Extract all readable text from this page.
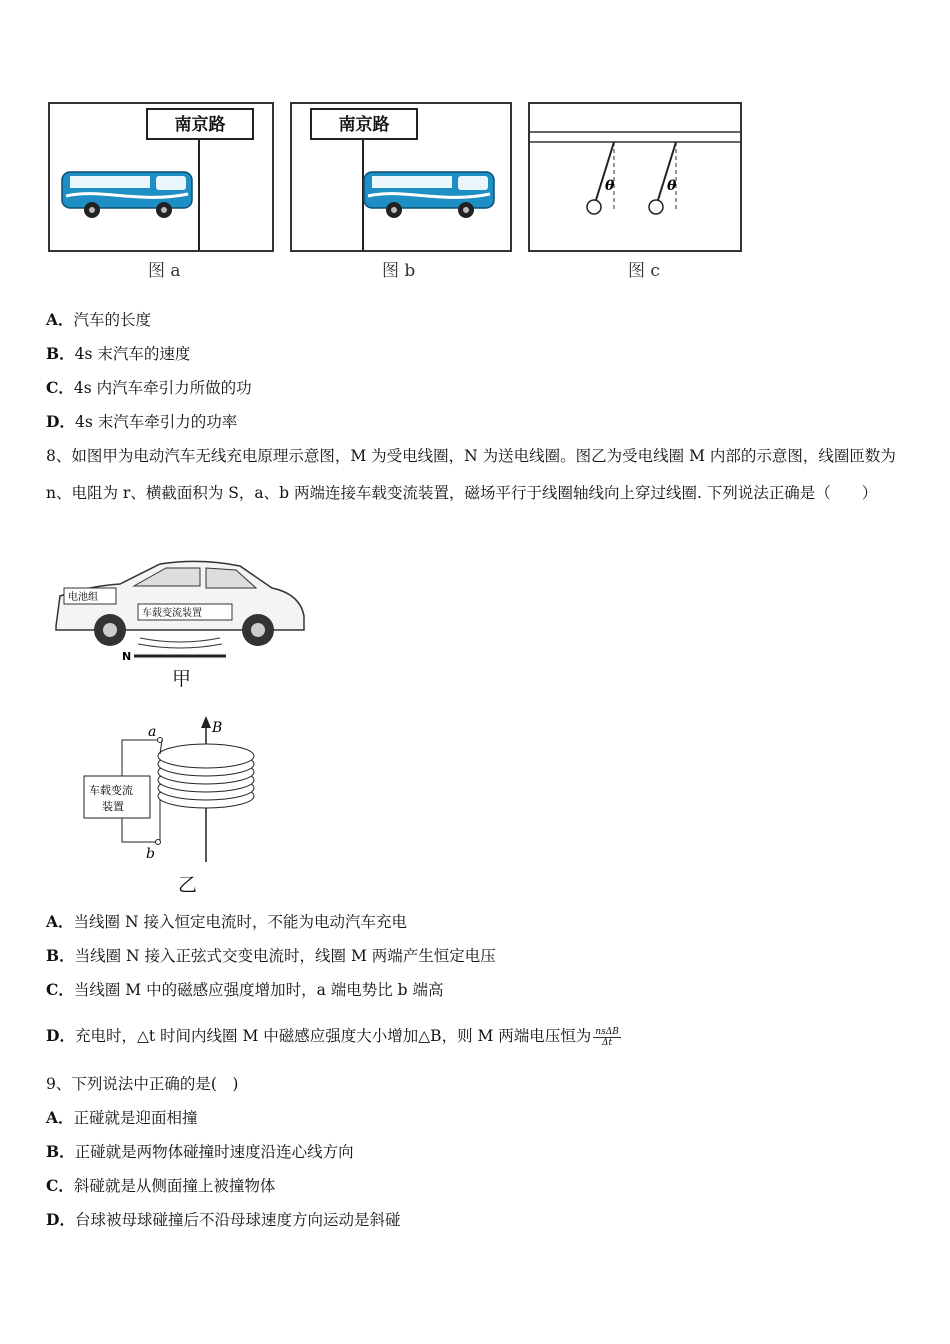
南京路	南京路
θ	θ
图 a	图 b	图 c
A．汽车的长度
B．4s 末汽车的速度
C．4s 内汽车牵引力所做的功
D．4s 末汽车牵引力的功率
8、如图甲为电动汽车无线充电原理示意图，M 为受电线圈，N 为送电线圈。图乙为受电线圈 M 内部的示意图，线圈匝数为 n、电阻为 r、横截面积为 S，a、b 两端连接车载变流装置，磁场平行于线圈轴线向上穿过线圈. 下列说法正确是（　　）
电池组
车载变流装置
N
甲
B
a
b
车载变流
装置
乙
A．当线圈 N 接入恒定电流时，不能为电动汽车充电
B．当线圈 N 接入正弦式交变电流时，线圈 M 两端产生恒定电压
C．当线圈 M 中的磁感应强度增加时，a 端电势比 b 端高
D．充电时，△t 时间内线圈 M 中磁感应强度大小增加△B，则 M 两端电压恒为 $\frac{\text{nsΔB}}{\Delta t}$
9、下列说法中正确的是(　)
A．正碰就是迎面相撞
B．正碰就是两物体碰撞时速度沿连心线方向
C．斜碰就是从侧面撞上被撞物体
D．台球被母球碰撞后不沿母球速度方向运动是斜碰
